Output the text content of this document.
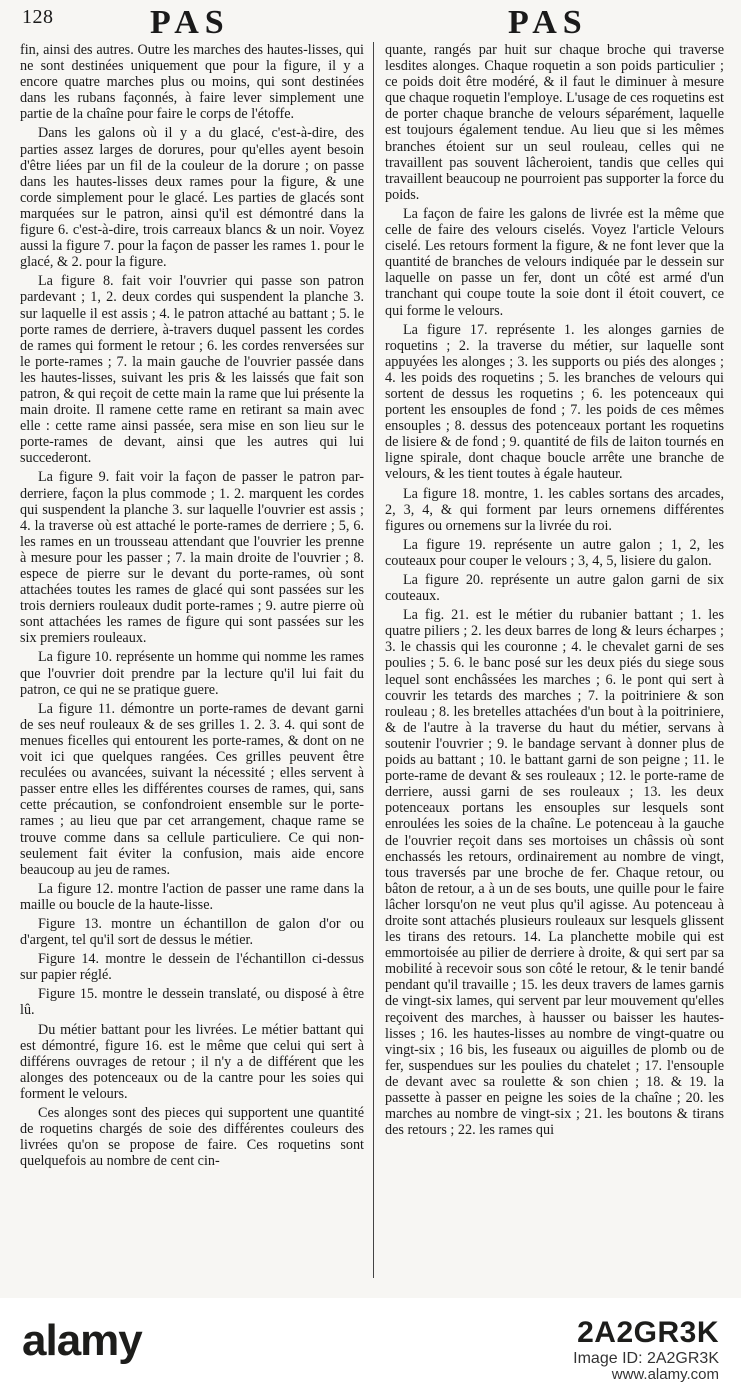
128	PAS	PAS

fin, ainsi des autres. Outre les marches des hautes-lisses, qui ne sont destinées uniquement que pour la figure, il y a encore quatre marches plus ou moins, qui sont destinées dans les rubans façonnés, à faire lever simplement une partie de la chaîne pour faire le corps de l'étoffe.

Dans les galons où il y a du glacé, c'est-à-dire, des parties assez larges de dorures, pour qu'elles ayent besoin d'être liées par un fil de la couleur de la dorure ; on passe dans les hautes-lisses deux rames pour la figure, & une corde simplement pour le glacé. Les parties de glacés sont marquées sur le patron, ainsi qu'il est démontré dans la figure 6. c'est-à-dire, trois carreaux blancs & un noir. Voyez aussi la figure 7. pour la façon de passer les rames 1. pour le glacé, & 2. pour la figure.

La figure 8. fait voir l'ouvrier qui passe son patron pardevant ; 1, 2. deux cordes qui suspendent la planche 3. sur laquelle il est assis ; 4. le patron attaché au battant ; 5. le porte rames de derriere, à-travers duquel passent les cordes de rames qui forment le retour ; 6. les cordes renversées sur le porte-rames ; 7. la main gauche de l'ouvrier passée dans les hautes-lisses, suivant les pris & les laissés que fait son patron, & qui reçoit de cette main la rame que lui présente la main droite. Il ramene cette rame en retirant sa main avec elle : cette rame ainsi passée, sera mise en son lieu sur le porte-rames de devant, ainsi que les autres qui lui succederont.

La figure 9. fait voir la façon de passer le patron par-derriere, façon la plus commode ; 1. 2. marquent les cordes qui suspendent la planche 3. sur laquelle l'ouvrier est assis ; 4. la traverse où est attaché le porte-rames de derriere ; 5, 6. les rames en un trousseau attendant que l'ouvrier les prenne à mesure pour les passer ; 7. la main droite de l'ouvrier ; 8. espece de pierre sur le devant du porte-rames, où sont attachées toutes les rames de glacé qui sont passées sur les trois derniers rouleaux dudit porte-rames ; 9. autre pierre où sont attachées les rames de figure qui sont passées sur les six premiers rouleaux.

La figure 10. représente un homme qui nomme les rames que l'ouvrier doit prendre par la lecture qu'il lui fait du patron, ce qui ne se pratique guere.

La figure 11. démontre un porte-rames de devant garni de ses neuf rouleaux & de ses grilles 1. 2. 3. 4. qui sont de menues ficelles qui entourent les porte-rames, & dont on ne voit ici que quelques rangées. Ces grilles peuvent être reculées ou avancées, suivant la nécessité ; elles servent à passer entre elles les différentes courses de rames, qui, sans cette précaution, se confondroient ensemble sur le porte-rames ; au lieu que par cet arrangement, chaque rame se trouve comme dans sa cellule particuliere. Ce qui non-seulement fait éviter la confusion, mais aide encore beaucoup au jeu de rames.

La figure 12. montre l'action de passer une rame dans la maille ou boucle de la haute-lisse.

Figure 13. montre un échantillon de galon d'or ou d'argent, tel qu'il sort de dessus le métier.

Figure 14. montre le dessein de l'échantillon ci-dessus sur papier réglé.

Figure 15. montre le dessein translaté, ou disposé à être lû.

Du métier battant pour les livrées. Le métier battant qui est démontré, figure 16. est le même que celui qui sert à différens ouvrages de retour ; il n'y a de différent que les alonges des potenceaux ou de la cantre pour les soies qui forment le velours.

Ces alonges sont des pieces qui supportent une quantité de roquetins chargés de soie des différentes couleurs des livrées qu'on se propose de faire. Ces roquetins sont quelquefois au nombre de cent cin-

quante, rangés par huit sur chaque broche qui traverse lesdites alonges. Chaque roquetin a son poids particulier ; ce poids doit être modéré, & il faut le diminuer à mesure que chaque roquetin l'employe. L'usage de ces roquetins est de porter chaque branche de velours séparément, laquelle est toujours également tendue. Au lieu que si les mêmes branches étoient sur un seul rouleau, celles qui ne travaillent pas souvent lâcheroient, tandis que celles qui travaillent beaucoup ne pourroient pas supporter la force du poids.

La façon de faire les galons de livrée est la même que celle de faire des velours ciselés. Voyez l'article Velours ciselé. Les retours forment la figure, & ne font lever que la quantité de branches de velours indiquée par le dessein sur laquelle on passe un fer, dont un côté est armé d'un tranchant qui coupe toute la soie dont il étoit couvert, ce qui forme le velours.

La figure 17. représente 1. les alonges garnies de roquetins ; 2. la traverse du métier, sur laquelle sont appuyées les alonges ; 3. les supports ou piés des alonges ; 4. les poids des roquetins ; 5. les branches de velours qui sortent de dessus les roquetins ; 6. les potenceaux qui portent les ensouples de fond ; 7. les poids de ces mêmes ensouples ; 8. dessus des potenceaux portant les roquetins de lisiere & de fond ; 9. quantité de fils de laiton tournés en ligne spirale, dont chaque boucle arrête une branche de velours, & les tient toutes à égale hauteur.

La figure 18. montre, 1. les cables sortans des arcades, 2, 3, 4, & qui forment par leurs ornemens différentes figures ou ornemens sur la livrée du roi.

La figure 19. représente un autre galon ; 1, 2, les couteaux pour couper le velours ; 3, 4, 5, lisiere du galon.

La figure 20. représente un autre galon garni de six couteaux.

La fig. 21. est le métier du rubanier battant ; 1. les quatre piliers ; 2. les deux barres de long & leurs écharpes ; 3. le chassis qui les couronne ; 4. le chevalet garni de ses poulies ; 5. 6. le banc posé sur les deux piés du siege sous lequel sont enchâssées les marches ; 6. le pont qui sert à couvrir les tetards des marches ; 7. la poitriniere & son rouleau ; 8. les bretelles attachées d'un bout à la poitriniere, & de l'autre à la traverse du haut du métier, servans à soutenir l'ouvrier ; 9. le bandage servant à donner plus de poids au battant ; 10. le battant garni de son peigne ; 11. le porte-rame de devant & ses rouleaux ; 12. le porte-rame de derriere, aussi garni de ses rouleaux ; 13. les deux potenceaux portans les ensouples sur lesquels sont enroulées les soies de la chaîne. Le potenceau à la gauche de l'ouvrier reçoit dans ses mortoises un châssis où sont enchassés les retours, ordinairement au nombre de vingt, tous traversés par une broche de fer. Chaque retour, ou bâton de retour, a à un de ses bouts, une quille pour le faire lâcher lorsqu'on ne veut plus qu'il agisse. Au potenceau à droite sont attachés plusieurs rouleaux sur lesquels glissent les tirans des retours. 14. La planchette mobile qui est emmortoisée au pilier de derriere à droite, & qui sert par sa mobilité à recevoir sous son côté le retour, & le tenir bandé pendant qu'il travaille ; 15. les deux travers de lames garnis de vingt-six lames, qui servent par leur mouvement qu'elles reçoivent des marches, à hausser ou baisser les hautes-lisses ; 16. les hautes-lisses au nombre de vingt-quatre ou vingt-six ; 16 bis, les fuseaux ou aiguilles de plomb ou de fer, suspendues sur les poulies du chatelet ; 17. l'ensouple de devant avec sa roulette & son chien ; 18. & 19. la passette à passer en peigne les soies de la chaîne ; 20. les marches au nombre de vingt-six ; 21. les boutons & tirans des retours ; 22. les rames qui

alamy	2A2GR3K
Image ID: 2A2GR3K
www.alamy.com
